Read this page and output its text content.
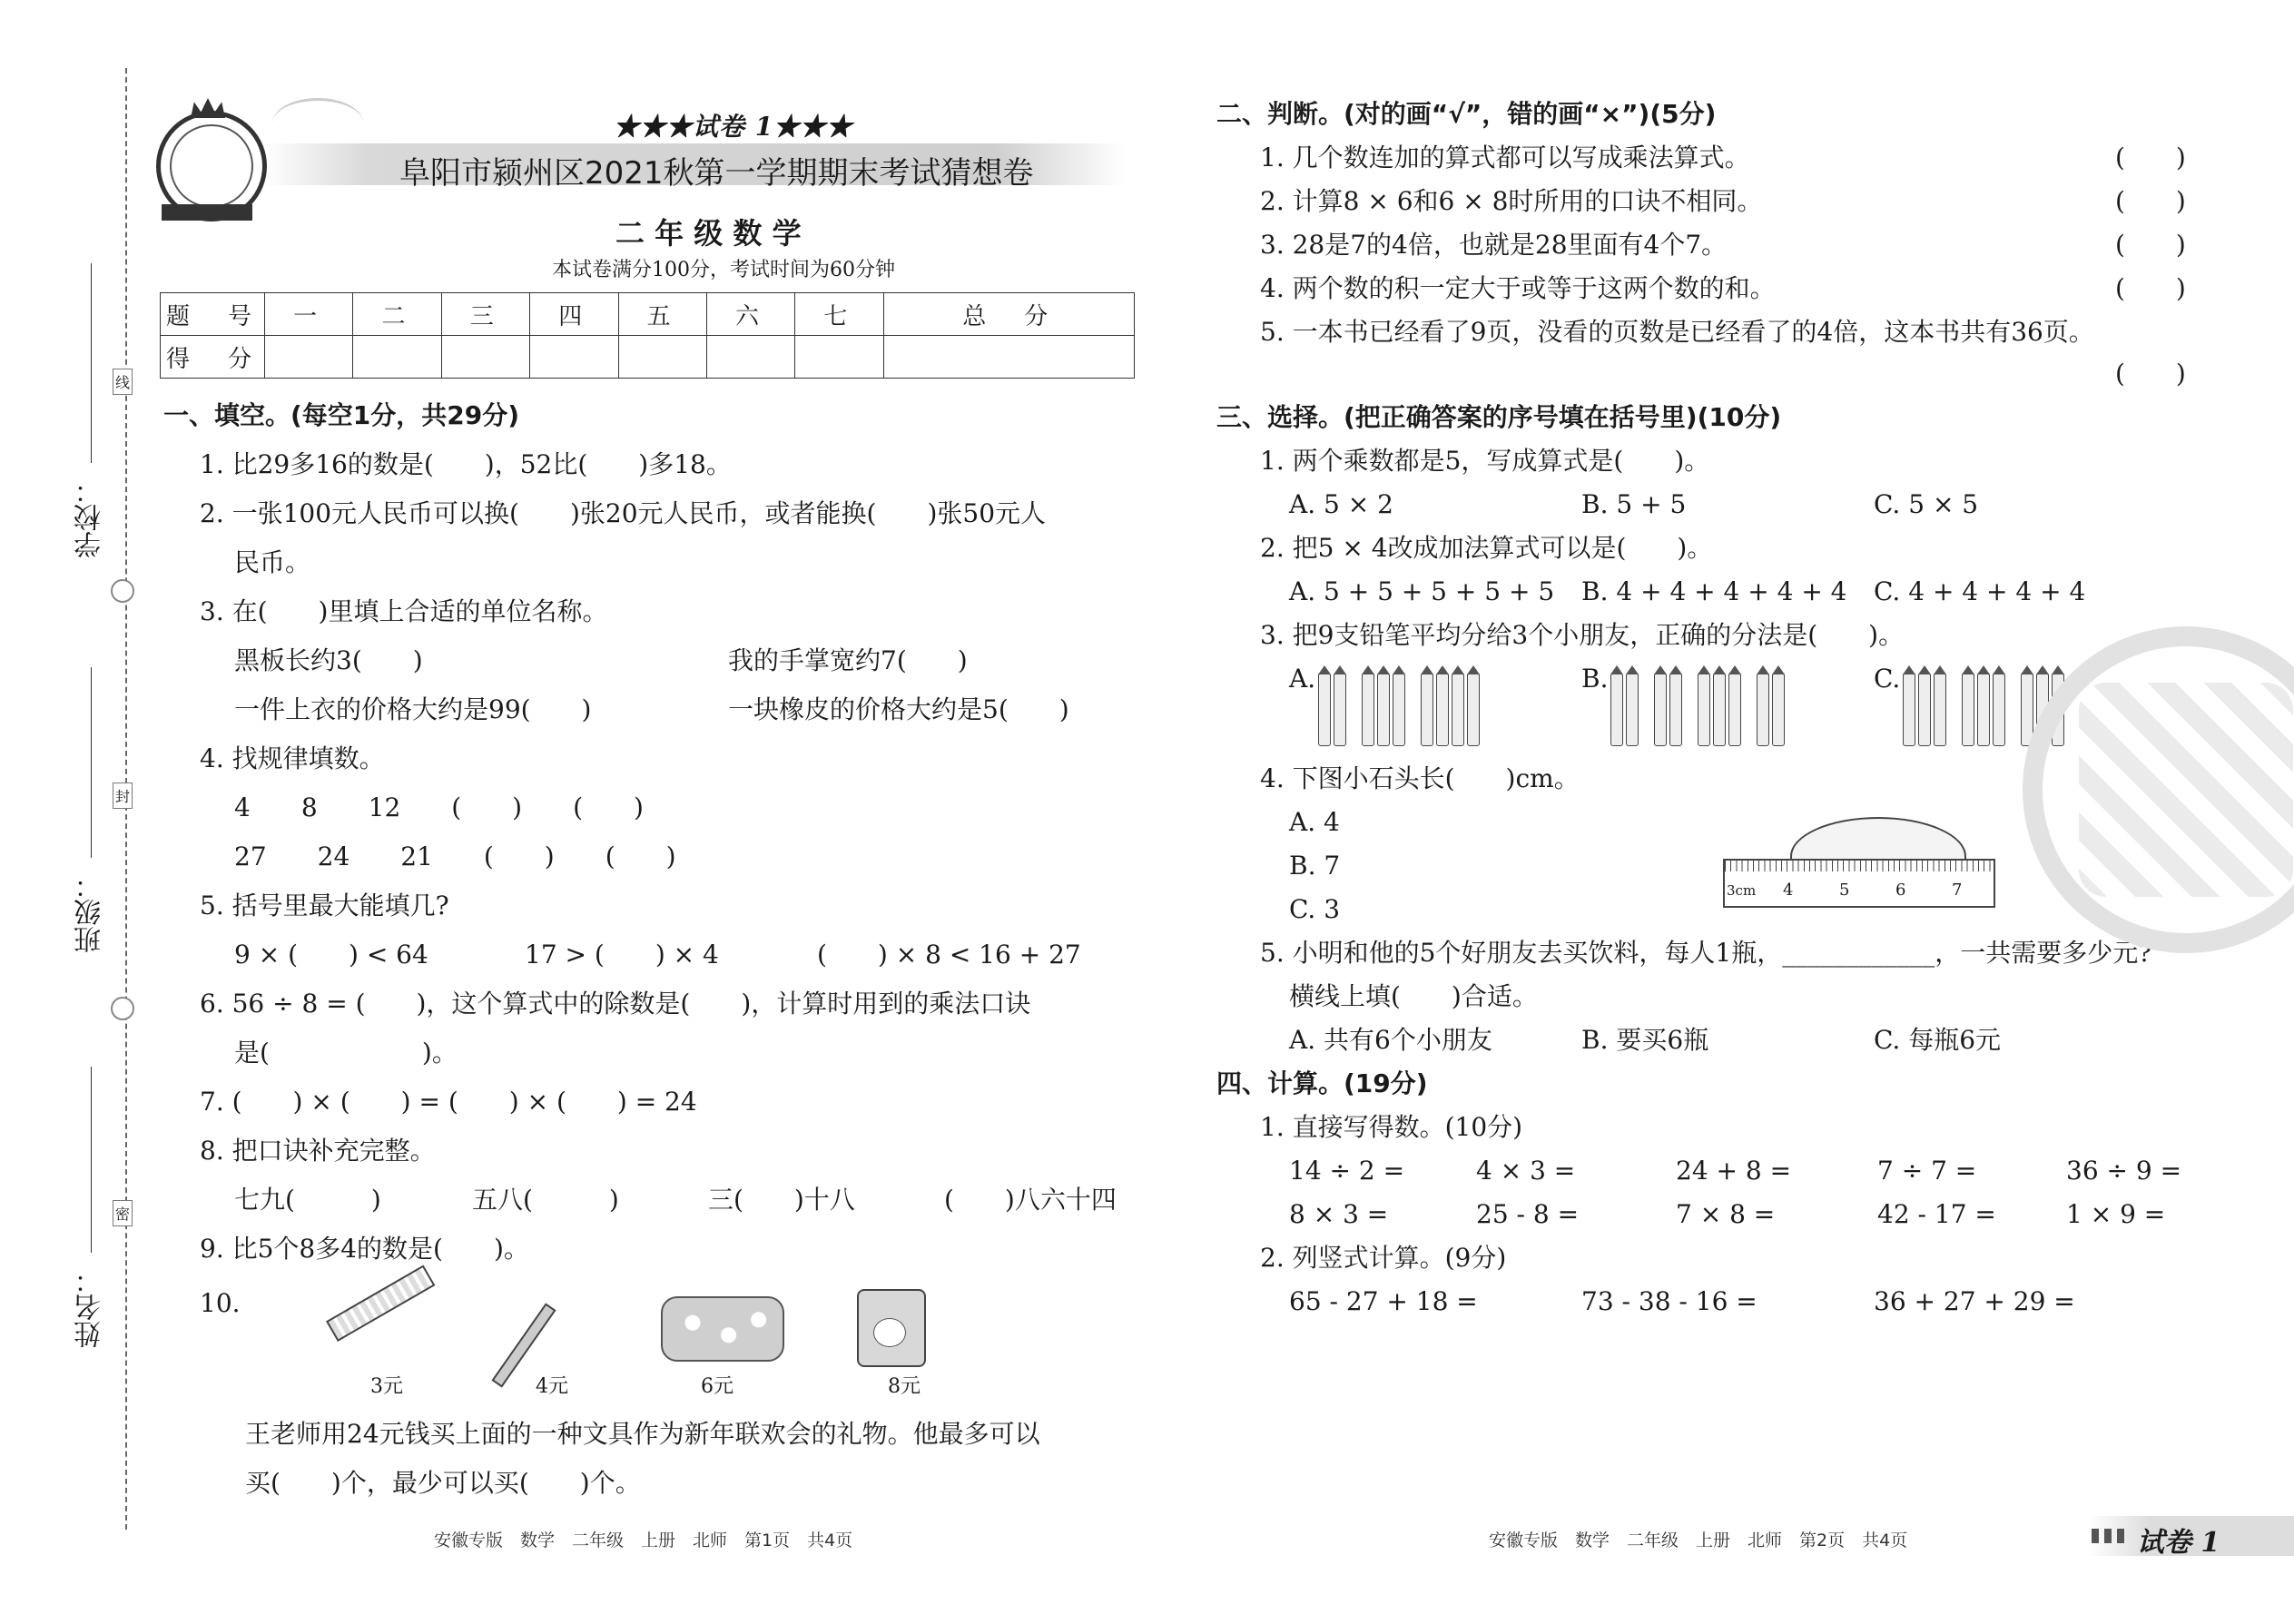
学校：
班级：
姓名：
线
封
密
★★★试卷 1★★★
阜阳市颍州区2021秋第一学期期末考试猜想卷
二 年 级 数 学
本试卷满分100分，考试时间为60分钟
题　号	一	二	三	四	五	六	七	总　分
得　分								
一、填空。(每空1分，共29分)
1. 比29多16的数是(　　)，52比(　　)多18。
2. 一张100元人民币可以换(　　)张20元人民币，或者能换(　　)张50元人
民币。
3. 在(　　)里填上合适的单位名称。
黑板长约3(　　)	我的手掌宽约7(　　)
一件上衣的价格大约是99(　　)	一块橡皮的价格大约是5(　　)
4. 找规律填数。
4　　8　　12　　(　　)　　(　　)
27　　24　　21　　(　　)　　(　　)
5. 括号里最大能填几?
9 × (　　) < 64	17 > (　　) × 4	(　　) × 8 < 16 + 27
6. 56 ÷ 8 = (　　)，这个算式中的除数是(　　)，计算时用到的乘法口诀
是(　　　　　　)。
7. (　　) × (　　) = (　　) × (　　) = 24
8. 把口诀补充完整。
七九(　　　)	五八(　　　)	三(　　)十八	(　　)八六十四
9. 比5个8多4的数是(　　)。
10.
3元	4元	6元	8元
王老师用24元钱买上面的一种文具作为新年联欢会的礼物。他最多可以
买(　　)个，最少可以买(　　)个。
二、判断。(对的画“√”，错的画“×”)(5分)
1. 几个数连加的算式都可以写成乘法算式。	(　　)
2. 计算8 × 6和6 × 8时所用的口诀不相同。	(　　)
3. 28是7的4倍，也就是28里面有4个7。	(　　)
4. 两个数的积一定大于或等于这两个数的和。	(　　)
5. 一本书已经看了9页，没看的页数是已经看了的4倍，这本书共有36页。
(　　)
三、选择。(把正确答案的序号填在括号里)(10分)
1. 两个乘数都是5，写成算式是(　　)。
A. 5 × 2	B. 5 + 5	C. 5 × 5
2. 把5 × 4改成加法算式可以是(　　)。
A. 5 + 5 + 5 + 5 + 5 B. 4 + 4 + 4 + 4 + 4 C. 4 + 4 + 4 + 4
3. 把9支铅笔平均分给3个小朋友，正确的分法是(　　)。
A.	B.	C.
4. 下图小石头长(　　)cm。
A. 4
B. 7
C. 3
3cm 4	5	6	7
5. 小明和他的5个好朋友去买饮料，每人1瓶，____________，一共需要多少元?
横线上填(　　)合适。
A. 共有6个小朋友	B. 要买6瓶	C. 每瓶6元
四、计算。(19分)
1. 直接写得数。(10分)
14 ÷ 2 =	4 × 3 =	24 + 8 =	7 ÷ 7 =	36 ÷ 9 =
8 × 3 =	25 - 8 =	7 × 8 =	42 - 17 =	1 × 9 =
2. 列竖式计算。(9分)
65 - 27 + 18 =	73 - 38 - 16 =	36 + 27 + 29 =
安徽专版　数学　二年级　上册　北师　第1页　共4页	安徽专版　数学　二年级　上册　北师　第2页　共4页	试卷 1
